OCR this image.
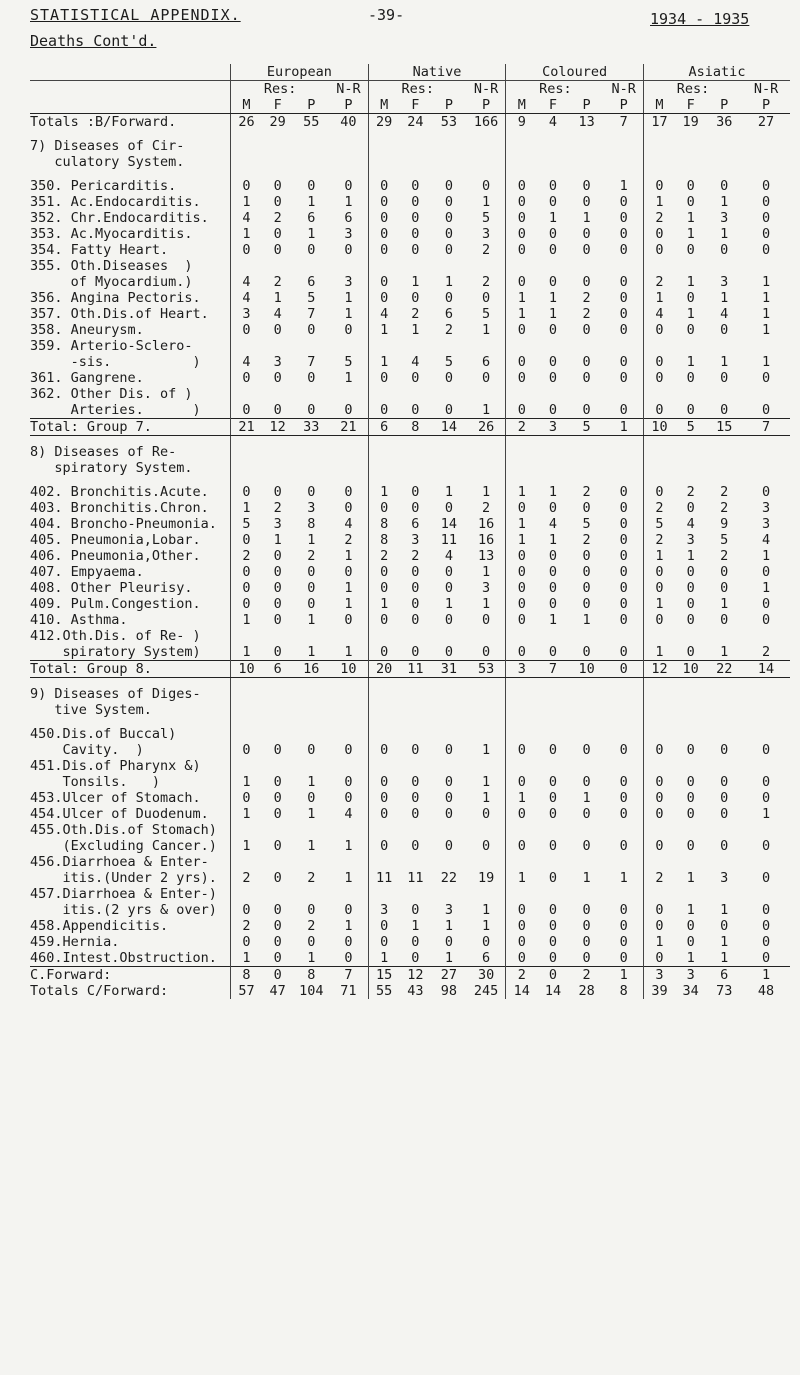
STATISTICAL APPENDIX.	-39-	1934 - 1935
Deaths Cont'd.
	European				Native				Coloured				Asiatic			
	Res:			N-R	Res:			N-R	Res:			N-R	Res:			N-R
	M	F	P	P	M	F	P	P	M	F	P	P	M	F	P	P
Totals :B/Forward.	26	29	55	40	29	24	53	166	9	4	13	7	17	19	36	27

7) Diseases of Cir-																
culatory System.																

350. Pericarditis.	0	0	0	0	0	0	0	0	0	0	0	1	0	0	0	0
351. Ac.Endocarditis.	1	0	1	1	0	0	0	1	0	0	0	0	1	0	1	0
352. Chr.Endocarditis.	4	2	6	6	0	0	0	5	0	1	1	0	2	1	3	0
353. Ac.Myocarditis.	1	0	1	3	0	0	0	3	0	0	0	0	0	1	1	0
354. Fatty Heart.	0	0	0	0	0	0	0	2	0	0	0	0	0	0	0	0
355. Oth.Diseases  )																
of Myocardium.)	4	2	6	3	0	1	1	2	0	0	0	0	2	1	3	1
356. Angina Pectoris.	4	1	5	1	0	0	0	0	1	1	2	0	1	0	1	1
357. Oth.Dis.of Heart.	3	4	7	1	4	2	6	5	1	1	2	0	4	1	4	1
358. Aneurysm.	0	0	0	0	1	1	2	1	0	0	0	0	0	0	0	1
359. Arterio-Sclero-																
-sis.          )	4	3	7	5	1	4	5	6	0	0	0	0	0	1	1	1
361. Gangrene.	0	0	0	1	0	0	0	0	0	0	0	0	0	0	0	0
362. Other Dis. of )																
Arteries.      )	0	0	0	0	0	0	0	1	0	0	0	0	0	0	0	0
Total: Group 7.	21	12	33	21	6	8	14	26	2	3	5	1	10	5	15	7

8) Diseases of Re-																
spiratory System.																

402. Bronchitis.Acute.	0	0	0	0	1	0	1	1	1	1	2	0	0	2	2	0
403. Bronchitis.Chron.	1	2	3	0	0	0	0	2	0	0	0	0	2	0	2	3
404. Broncho-Pneumonia.	5	3	8	4	8	6	14	16	1	4	5	0	5	4	9	3
405. Pneumonia,Lobar.	0	1	1	2	8	3	11	16	1	1	2	0	2	3	5	4
406. Pneumonia,Other.	2	0	2	1	2	2	4	13	0	0	0	0	1	1	2	1
407. Empyaema.	0	0	0	0	0	0	0	1	0	0	0	0	0	0	0	0
408. Other Pleurisy.	0	0	0	1	0	0	0	3	0	0	0	0	0	0	0	1
409. Pulm.Congestion.	0	0	0	1	1	0	1	1	0	0	0	0	1	0	1	0
410. Asthma.	1	0	1	0	0	0	0	0	0	1	1	0	0	0	0	0
412.Oth.Dis. of Re- )																
spiratory System)	1	0	1	1	0	0	0	0	0	0	0	0	1	0	1	2
Total: Group 8.	10	6	16	10	20	11	31	53	3	7	10	0	12	10	22	14

9) Diseases of Diges-																
tive System.																

450.Dis.of Buccal)																
Cavity.  )	0	0	0	0	0	0	0	1	0	0	0	0	0	0	0	0
451.Dis.of Pharynx &)																
Tonsils.   )	1	0	1	0	0	0	0	1	0	0	0	0	0	0	0	0
453.Ulcer of Stomach.	0	0	0	0	0	0	0	1	1	0	1	0	0	0	0	0
454.Ulcer of Duodenum.	1	0	1	4	0	0	0	0	0	0	0	0	0	0	0	1
455.Oth.Dis.of Stomach)																
(Excluding Cancer.)	1	0	1	1	0	0	0	0	0	0	0	0	0	0	0	0
456.Diarrhoea & Enter-																
itis.(Under 2 yrs).	2	0	2	1	11	11	22	19	1	0	1	1	2	1	3	0
457.Diarrhoea & Enter-)																
itis.(2 yrs & over)	0	0	0	0	3	0	3	1	0	0	0	0	0	1	1	0
458.Appendicitis.	2	0	2	1	0	1	1	1	0	0	0	0	0	0	0	0
459.Hernia.	0	0	0	0	0	0	0	0	0	0	0	0	1	0	1	0
460.Intest.Obstruction.	1	0	1	0	1	0	1	6	0	0	0	0	0	1	1	0
C.Forward:	8	0	8	7	15	12	27	30	2	0	2	1	3	3	6	1
Totals C/Forward:	57	47	104	71	55	43	98	245	14	14	28	8	39	34	73	48
